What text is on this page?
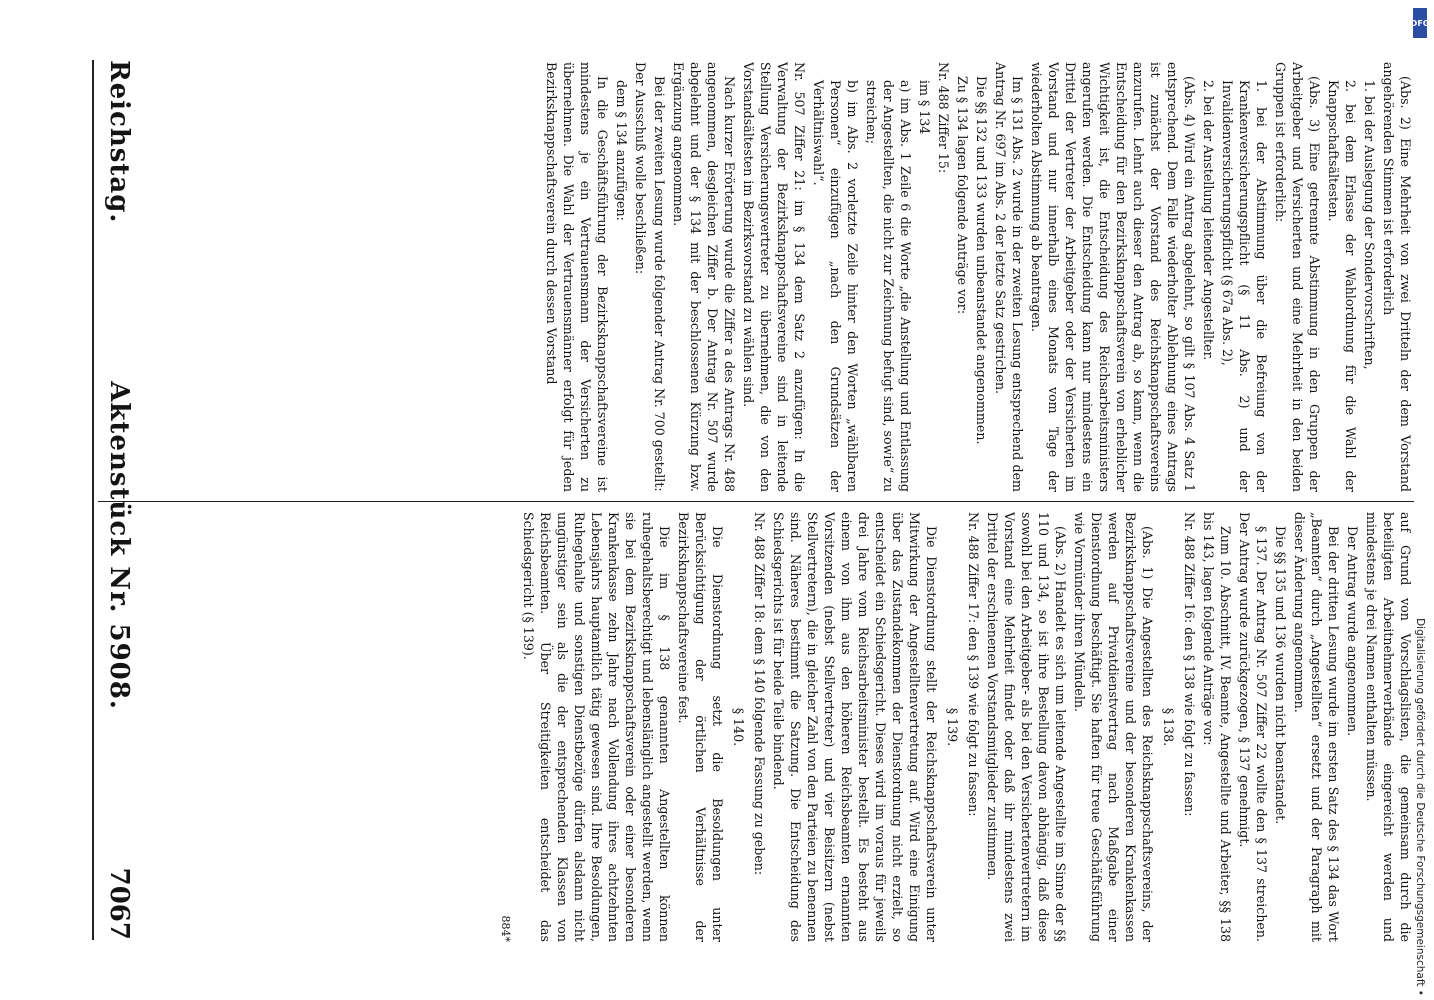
Reichstag.
Aktenstück Nr. 5908.
7067

(Abs. 2) Eine Mehrheit von zwei Dritteln der dem Vorstand angehörenden Stimmen ist erforderlich

1. bei der Auslegung der Sondervorschriften,

2. bei dem Erlasse der Wahlordnung für die Wahl der Knappschaftsältesten.

(Abs. 3) Eine getrennte Abstimmung in den Gruppen der Arbeitgeber und Versicherten und eine Mehrheit in den beiden Gruppen ist erforderlich:

1. bei der Abstimmung über die Befreiung von der Krankenversicherungspflicht (§ 11 Abs. 2) und der Invalidenversicherungspflicht (§ 67a Abs. 2),

2. bei der Anstellung leitender Angestellter.

(Abs. 4) Wird ein Antrag abgelehnt, so gilt § 107 Abs. 4 Satz 1 entsprechend. Dem Falle wiederholter Ablehnung eines Antrags ist zunächst der Vorstand des Reichsknappschaftsvereins anzurufen. Lehnt auch dieser den Antrag ab, so kann, wenn die Entscheidung für den Bezirksknappschaftsverein von erheblicher Wichtigkeit ist, die Entscheidung des Reichsarbeitsministers angerufen werden. Die Entscheidung kann nur mindestens ein Drittel der Vertreter der Arbeitgeber oder der Versicherten im Vorstand und nur innerhalb eines Monats vom Tage der wiederholten Abstimmung ab beantragen.

Im § 131 Abs. 2 wurde in der zweiten Lesung entsprechend dem Antrag Nr. 697 im Abs. 2 der letzte Satz gestrichen.

Die §§ 132 und 133 wurden unbeanstandet angenommen.

Zu § 134 lagen folgende Anträge vor:

Nr. 488 Ziffer 15:

im § 134

a) im Abs. 1 Zeile 6 die Worte „die Anstellung und Entlassung der Angestellten, die nicht zur Zeichnung befugt sind, sowie“ zu streichen;

b) im Abs. 2 vorletzte Zeile hinter den Worten „wählbaren Personen“ einzufügen „nach den Grundsätzen der Verhältniswahl“.

Nr. 507 Ziffer 21: im § 134 dem Satz 2 anzufügen: In die Verwaltung der Bezirksknappschaftsvereine sind in leitende Stellung Versicherungsvertreter zu übernehmen, die von den Vorstandsältesten im Bezirksvorstand zu wählen sind.

Nach kurzer Erörterung wurde die Ziffer a des Antrags Nr. 488 angenommen, desgleichen Ziffer b. Der Antrag Nr. 507 wurde abgelehnt und der § 134 mit der beschlossenen Kürzung bzw. Ergänzung angenommen.

Bei der zweiten Lesung wurde folgender Antrag Nr. 700 gestellt:

Der Ausschuß wolle beschließen:

dem § 134 anzufügen:

In die Geschäftsführung der Bezirksknappschaftsvereine ist mindestens je ein Vertrauensmann der Versicherten zu übernehmen. Die Wahl der Vertrauensmänner erfolgt für jeden Bezirksknappschaftsverein durch dessen Vorstand

auf Grund von Vorschlagslisten, die gemeinsam durch die beteiligten Arbeitnehmerverbände eingereicht werden und mindestens je drei Namen enthalten müssen.

Der Antrag wurde angenommen.

Bei der dritten Lesung wurde im ersten Satz des § 134 das Wort „Beamten“ durch „Angestellten“ ersetzt und der Paragraph mit dieser Änderung angenommen.

Die §§ 135 und 136 wurden nicht beanstandet.

§ 137. Der Antrag Nr. 507 Ziffer 22 wollte den § 137 streichen. Der Antrag wurde zurückgezogen, § 137 genehmigt.

Zum 10. Abschnitt, IV. Beamte, Angestellte und Arbeiter, §§ 138 bis 143, lagen folgende Anträge vor:

Nr. 488 Ziffer 16: den § 138 wie folgt zu fassen:

§ 138.

(Abs. 1) Die Angestellten des Reichsknappschaftsvereins, der Bezirksknappschaftsvereine und der besonderen Krankenkassen werden auf Privatdienstvertrag nach Maßgabe einer Dienstordnung beschäftigt. Sie haften für treue Geschäftsführung wie Vormünder ihren Mündeln.

(Abs. 2) Handelt es sich um leitende Angestellte im Sinne der §§ 110 und 134, so ist ihre Bestellung davon abhängig, daß diese sowohl bei den Arbeitgeber- als bei den Versichertenvertretern im Vorstand eine Mehrheit findet oder daß ihr mindestens zwei Drittel der erschienenen Vorstandsmitglieder zustimmen.

Nr. 488 Ziffer 17: den § 139 wie folgt zu fassen:

§ 139.

Die Dienstordnung stellt der Reichsknappschaftsverein unter Mitwirkung der Angestelltenvertretung auf. Wird eine Einigung über das Zustandekommen der Dienstordnung nicht erzielt, so entscheidet ein Schiedsgericht. Dieses wird im voraus für jeweils drei Jahre vom Reichsarbeitsminister bestellt. Es besteht aus einem von ihm aus den höheren Reichsbeamten ernannten Vorsitzenden (nebst Stellvertreter) und vier Beisitzern (nebst Stellvertretern), die in gleicher Zahl von den Parteien zu benennen sind. Näheres bestimmt die Satzung. Die Entscheidung des Schiedsgerichts ist für beide Teile bindend.

Nr. 488 Ziffer 18: dem § 140 folgende Fassung zu geben:

§ 140.

Die Dienstordnung setzt die Besoldungen unter Berücksichtigung der örtlichen Verhältnisse der Bezirksknappschaftsvereine fest.

Die im § 138 genannten Angestellten können ruhegehaltsberechtigt und lebenslänglich angestellt werden, wenn sie bei dem Bezirksknappschaftsverein oder einer besonderen Krankenkasse zehn Jahre nach Vollendung ihres achtzehnten Lebensjahrs hauptamtlich tätig gewesen sind. Ihre Besoldungen, Ruhegehalte und sonstigen Dienstbezüge dürfen alsdann nicht ungünstiger sein als die der entsprechenden Klassen von Reichsbeamten. Über Streitigkeiten entscheidet das Schiedsgericht (§ 139).

884*	Digitalisierung gefördert durch die Deutsche Forschungsgemeinschaft •
DFG
